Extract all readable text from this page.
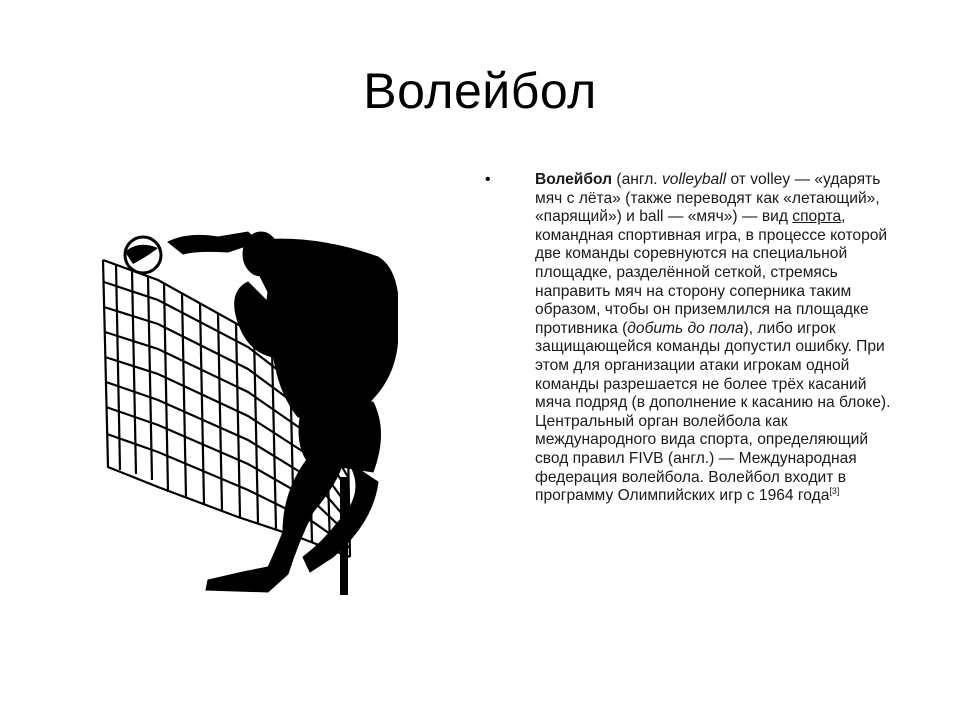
Волейбол
•	Волейбол (англ. volleyball от volley — «ударять мяч с лёта» (также переводят как «летающий», «парящий») и ball — «мяч») — вид спорта, командная спортивная игра, в процессе которой две команды соревнуются на специальной площадке, разделённой сеткой, стремясь направить мяч на сторону соперника таким образом, чтобы он приземлился на площадке противника (добить до пола), либо игрок защищающейся команды допустил ошибку. При этом для организации атаки игрокам одной команды разрешается не более трёх касаний мяча подряд (в дополнение к касанию на блоке). Центральный орган волейбола как международного вида спорта, определяющий свод правил FIVB (англ.) — Международная федерация волейбола. Волейбол входит в программу Олимпийских игр с 1964 года[3]
